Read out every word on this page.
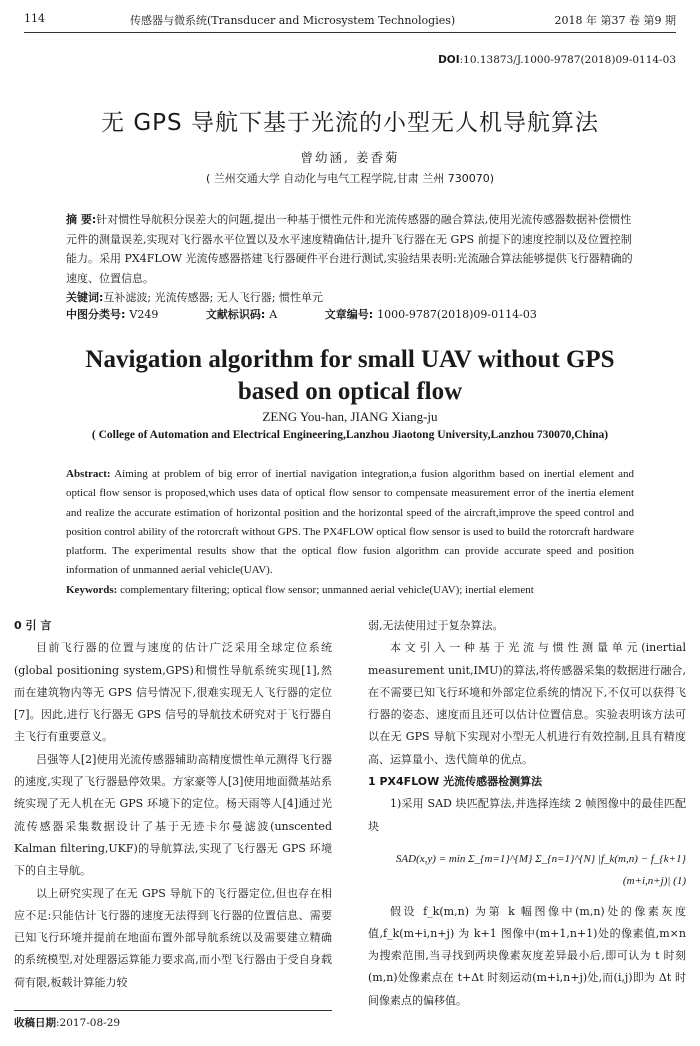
114	传感器与微系统(Transducer and Microsystem Technologies)	2018 年 第37 卷 第9 期
DOI:10.13873/J.1000-9787(2018)09-0114-03
无 GPS 导航下基于光流的小型无人机导航算法
曾幼涵, 姜香菊
( 兰州交通大学 自动化与电气工程学院,甘肃 兰州 730070)
摘 要:针对惯性导航积分误差大的问题,提出一种基于惯性元件和光流传感器的融合算法,使用光流传感器数据补偿惯性元件的测量误差,实现对飞行器水平位置以及水平速度精确估计,提升飞行器在无 GPS 前提下的速度控制以及位置控制能力。采用 PX4FLOW 光流传感器搭建飞行器硬件平台进行测试,实验结果表明:光流融合算法能够提供飞行器精确的速度、位置信息。
关键词:互补滤波; 光流传感器; 无人飞行器; 惯性单元
中图分类号: V249	文献标识码: A	文章编号: 1000-9787(2018)09-0114-03
Navigation algorithm for small UAV without GPS
based on optical flow
ZENG You-han, JIANG Xiang-ju
( College of Automation and Electrical Engineering,Lanzhou Jiaotong University,Lanzhou 730070,China)
Abstract: Aiming at problem of big error of inertial navigation integration,a fusion algorithm based on inertial element and optical flow sensor is proposed,which uses data of optical flow sensor to compensate measurement error of the inertia element and realize the accurate estimation of horizontal position and the horizontal speed of the aircraft,improve the speed control and position control ability of the rotorcraft without GPS. The PX4FLOW optical flow sensor is used to build the rotorcraft hardware platform. The experimental results show that the optical flow fusion algorithm can provide accurate speed and position information of unmanned aerial vehicle(UAV).
Keywords: complementary filtering; optical flow sensor; unmanned aerial vehicle(UAV); inertial element
0 引 言
目前飞行器的位置与速度的估计广泛采用全球定位系统(global positioning system,GPS)和惯性导航系统实现[1],然而在建筑物内等无 GPS 信号情况下,很难实现无人飞行器的定位[7]。因此,进行飞行器无 GPS 信号的导航技术研究对于飞行器自主飞行有重要意义。
吕强等人[2]使用光流传感器辅助高精度惯性单元测得飞行器的速度,实现了飞行器悬停效果。方家豪等人[3]使用地面微基站系统实现了无人机在无 GPS 环境下的定位。杨天雨等人[4]通过光流传感器采集数据设计了基于无迹卡尔曼滤波(unscented Kalman filtering,UKF)的导航算法,实现了飞行器无 GPS 环境下的自主导航。
以上研究实现了在无 GPS 导航下的飞行器定位,但也存在相应不足:只能估计飞行器的速度无法得到飞行器的位置信息、需要已知飞行环境并提前在地面布置外部导航系统以及需要建立精确的系统模型,对处理器运算能力要求高,而小型飞行器由于受自身载荷有限,板载计算能力较
弱,无法使用过于复杂算法。
本文引入一种基于光流与惯性测量单元(inertial measurement unit,IMU)的算法,将传感器采集的数据进行融合,在不需要已知飞行环境和外部定位系统的情况下,不仅可以获得飞行器的姿态、速度而且还可以估计位置信息。实验表明该方法可以在无 GPS 导航下实现对小型无人机进行有效控制,且具有精度高、运算量小、迭代简单的优点。
1 PX4FLOW 光流传感器检测算法
1)采用 SAD 块匹配算法,并选择连续 2 帧图像中的最佳匹配块
SAD(x,y) = min Σ_{m=1}^{M} Σ_{n=1}^{N} |f_k(m,n) − f_{k+1}(m+i,n+j)| (1)
假设 f_k(m,n) 为第 k 幅图像中(m,n)处的像素灰度值,f_k(m+i,n+j) 为 k+1 图像中(m+1,n+1)处的像素值,m×n 为搜索范围,当寻找到两块像素灰度差异最小后,即可认为 t 时刻(m,n)处像素点在 t+Δt 时刻运动(m+i,n+j)处,而(i,j)即为 Δt 时间像素点的偏移值。
收稿日期:2017-08-29
